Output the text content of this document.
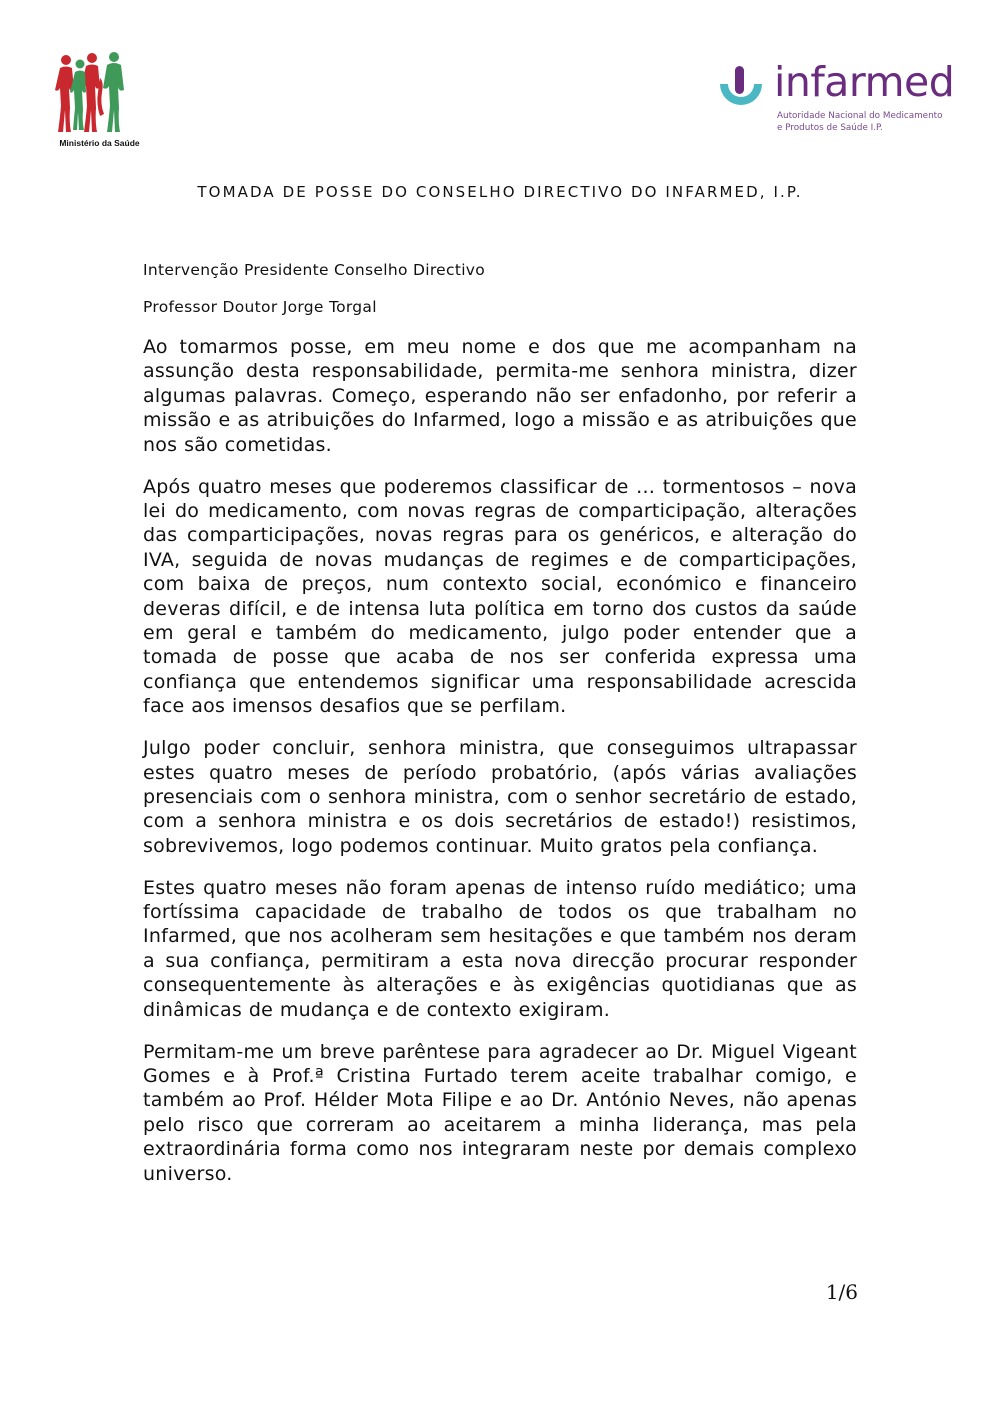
Ministério da Saúde
infarmed
Autoridade Nacional do Medicamento
e Produtos de Saúde I.P.
TOMADA DE POSSE DO CONSELHO DIRECTIVO DO INFARMED, I.P.
Intervenção Presidente Conselho Directivo
Professor Doutor Jorge Torgal

Ao tomarmos posse, em meu nome e dos que me acompanham na assunção desta responsabilidade, permita-me senhora ministra, dizer algumas palavras. Começo, esperando não ser enfadonho, por referir a missão e as atribuições do Infarmed, logo a missão e as atribuições que nos são cometidas.

Após quatro meses que poderemos classificar de … tormentosos – nova lei do medicamento, com novas regras de comparticipação, alterações das comparticipações, novas regras para os genéricos, e alteração do IVA, seguida de novas mudanças de regimes e de comparticipações, com baixa de preços, num contexto social, económico e financeiro deveras difícil, e de intensa luta política em torno dos custos da saúde em geral e também do medicamento, julgo poder entender que a tomada de posse que acaba de nos ser conferida expressa uma confiança que entendemos significar uma responsabilidade acrescida face aos imensos desafios que se perfilam.

Julgo poder concluir, senhora ministra, que conseguimos ultrapassar estes quatro meses de período probatório, (após várias avaliações presenciais com o senhora ministra, com o senhor secretário de estado, com a senhora ministra e os dois secretários de estado!) resistimos, sobrevivemos, logo podemos continuar. Muito gratos pela confiança.

Estes quatro meses não foram apenas de intenso ruído mediático; uma fortíssima capacidade de trabalho de todos os que trabalham no Infarmed, que nos acolheram sem hesitações e que também nos deram a sua confiança, permitiram a esta nova direcção procurar responder consequentemente às alterações e às exigências quotidianas que as dinâmicas de mudança e de contexto exigiram.

Permitam-me um breve parêntese para agradecer ao Dr. Miguel Vigeant Gomes e à Prof.ª Cristina Furtado terem aceite trabalhar comigo, e também ao Prof. Hélder Mota Filipe e ao Dr. António Neves, não apenas pelo risco que correram ao aceitarem a minha liderança, mas pela extraordinária forma como nos integraram neste por demais complexo universo.

1/6
